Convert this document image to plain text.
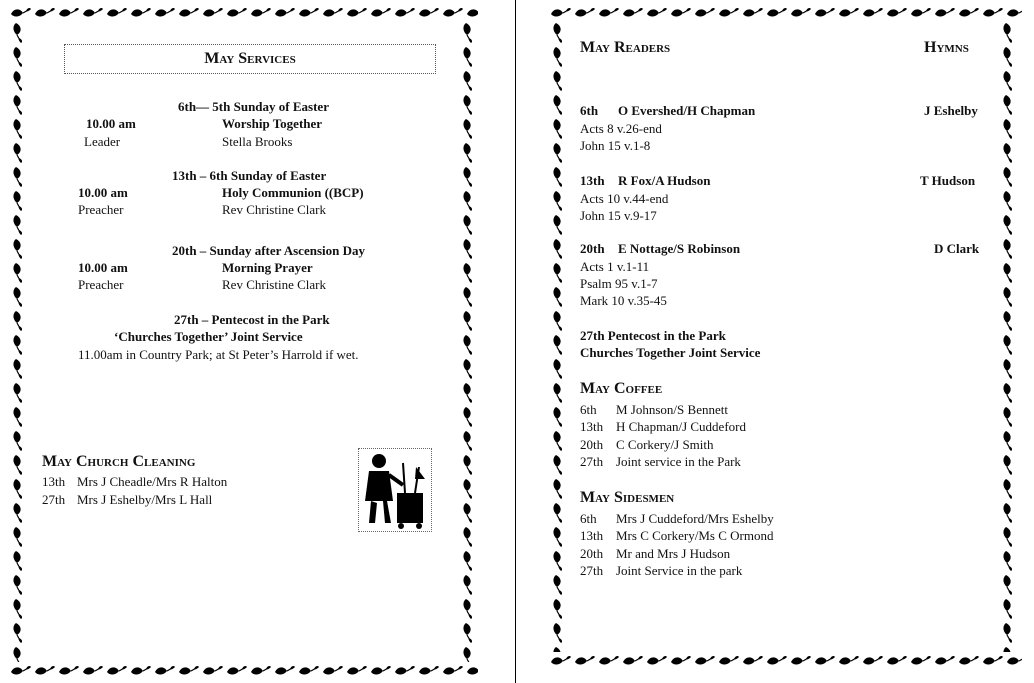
May Services
6th— 5th Sunday of Easter
10.00 am	Worship Together
Leader	Stella Brooks
13th – 6th Sunday of Easter
10.00 am	Holy Communion ((BCP)
Preacher	Rev Christine Clark
20th – Sunday after Ascension Day
10.00 am	Morning Prayer
Preacher	Rev Christine Clark
27th – Pentecost in the Park
‘Churches Together’ Joint Service
11.00am in Country Park; at St Peter’s Harrold if wet.
May Church Cleaning
13th Mrs J Cheadle/Mrs R Halton
27th Mrs J Eshelby/Mrs L Hall
May Readers	Hymns
6th O Evershed/H Chapman	J Eshelby
Acts 8 v.26-end
John 15 v.1-8
13th R Fox/A Hudson	T Hudson
Acts 10 v.44-end
John 15 v.9-17
20th E Nottage/S Robinson	D Clark
Acts 1 v.1-11
Psalm 95 v.1-7
Mark 10 v.35-45
27th Pentecost in the Park
Churches Together Joint Service
May Coffee
6th M Johnson/S Bennett
13th H Chapman/J Cuddeford
20th C Corkery/J Smith
27th Joint service in the Park
May Sidesmen
6th Mrs J Cuddeford/Mrs Eshelby
13th Mrs C Corkery/Ms C Ormond
20th Mr and Mrs J Hudson
27th Joint Service in the park
